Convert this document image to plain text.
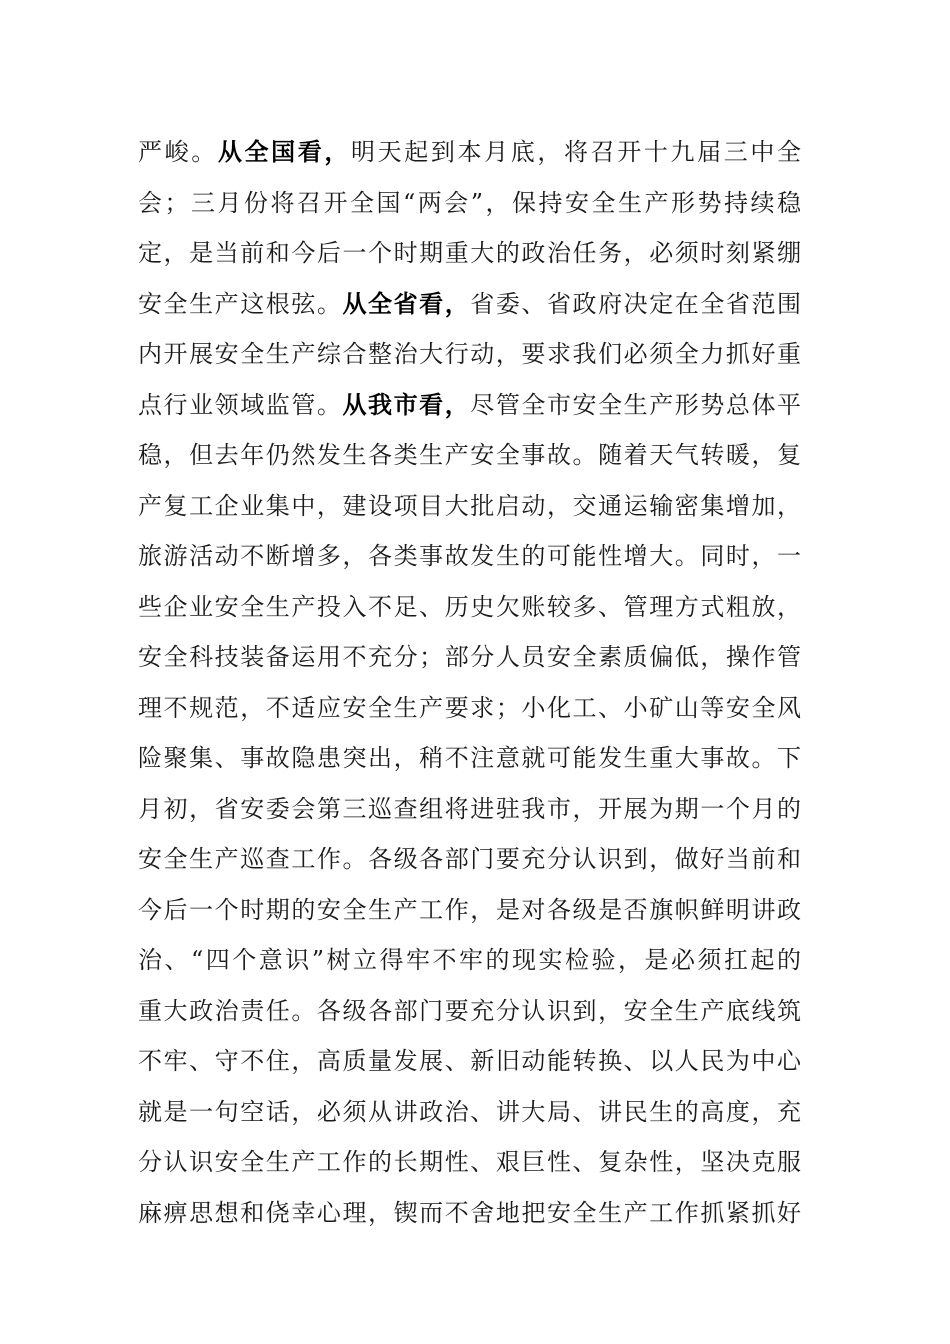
严峻。从全国看，明天起到本月底，将召开十九届三中全
会；三月份将召开全国“两会”，保持安全生产形势持续稳
定，是当前和今后一个时期重大的政治任务，必须时刻紧绷
安全生产这根弦。从全省看，省委、省政府决定在全省范围
内开展安全生产综合整治大行动，要求我们必须全力抓好重
点行业领域监管。从我市看，尽管全市安全生产形势总体平
稳，但去年仍然发生各类生产安全事故。随着天气转暖，复
产复工企业集中，建设项目大批启动，交通运输密集增加，
旅游活动不断增多，各类事故发生的可能性增大。同时，一
些企业安全生产投入不足、历史欠账较多、管理方式粗放，
安全科技装备运用不充分；部分人员安全素质偏低，操作管
理不规范，不适应安全生产要求；小化工、小矿山等安全风
险聚集、事故隐患突出，稍不注意就可能发生重大事故。下
月初，省安委会第三巡查组将进驻我市，开展为期一个月的
安全生产巡查工作。各级各部门要充分认识到，做好当前和
今后一个时期的安全生产工作，是对各级是否旗帜鲜明讲政
治、“四个意识”树立得牢不牢的现实检验，是必须扛起的
重大政治责任。各级各部门要充分认识到，安全生产底线筑
不牢、守不住，高质量发展、新旧动能转换、以人民为中心
就是一句空话，必须从讲政治、讲大局、讲民生的高度，充
分认识安全生产工作的长期性、艰巨性、复杂性，坚决克服
麻痹思想和侥幸心理，锲而不舍地把安全生产工作抓紧抓好
